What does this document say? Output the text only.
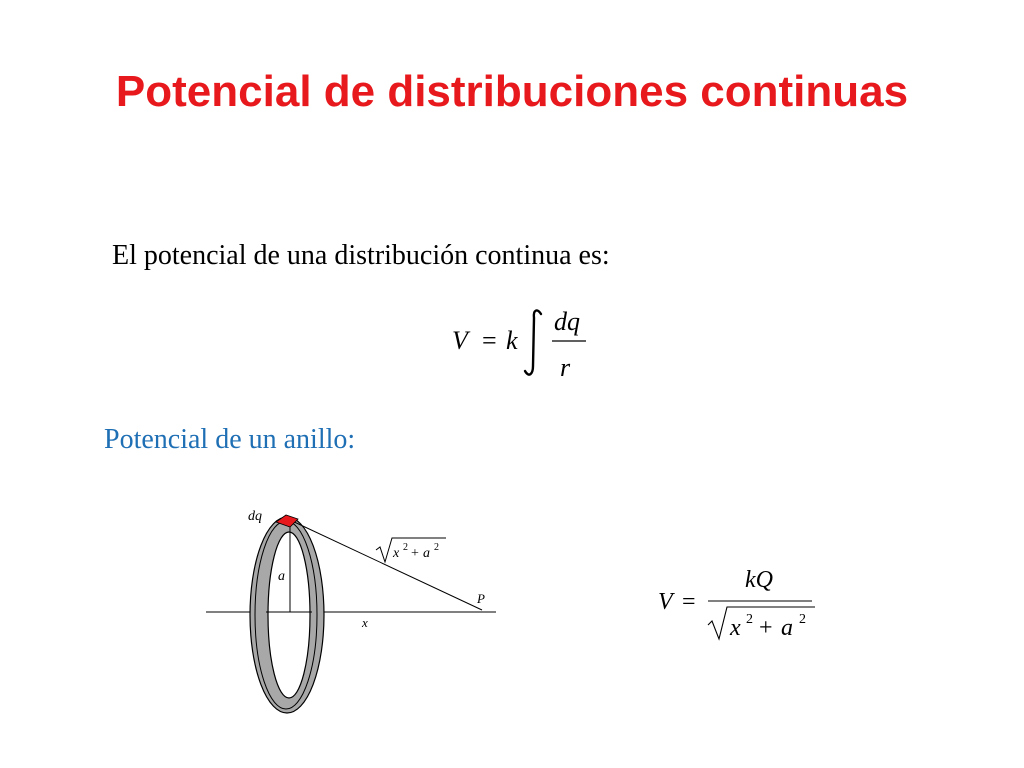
Potencial de distribuciones continuas

El potencial de una distribución continua es:

V = k
dq
r

Potencial de un anillo:

dq
a
x
P
x 2 + a 2
V =
kQ
x 2 + a 2
